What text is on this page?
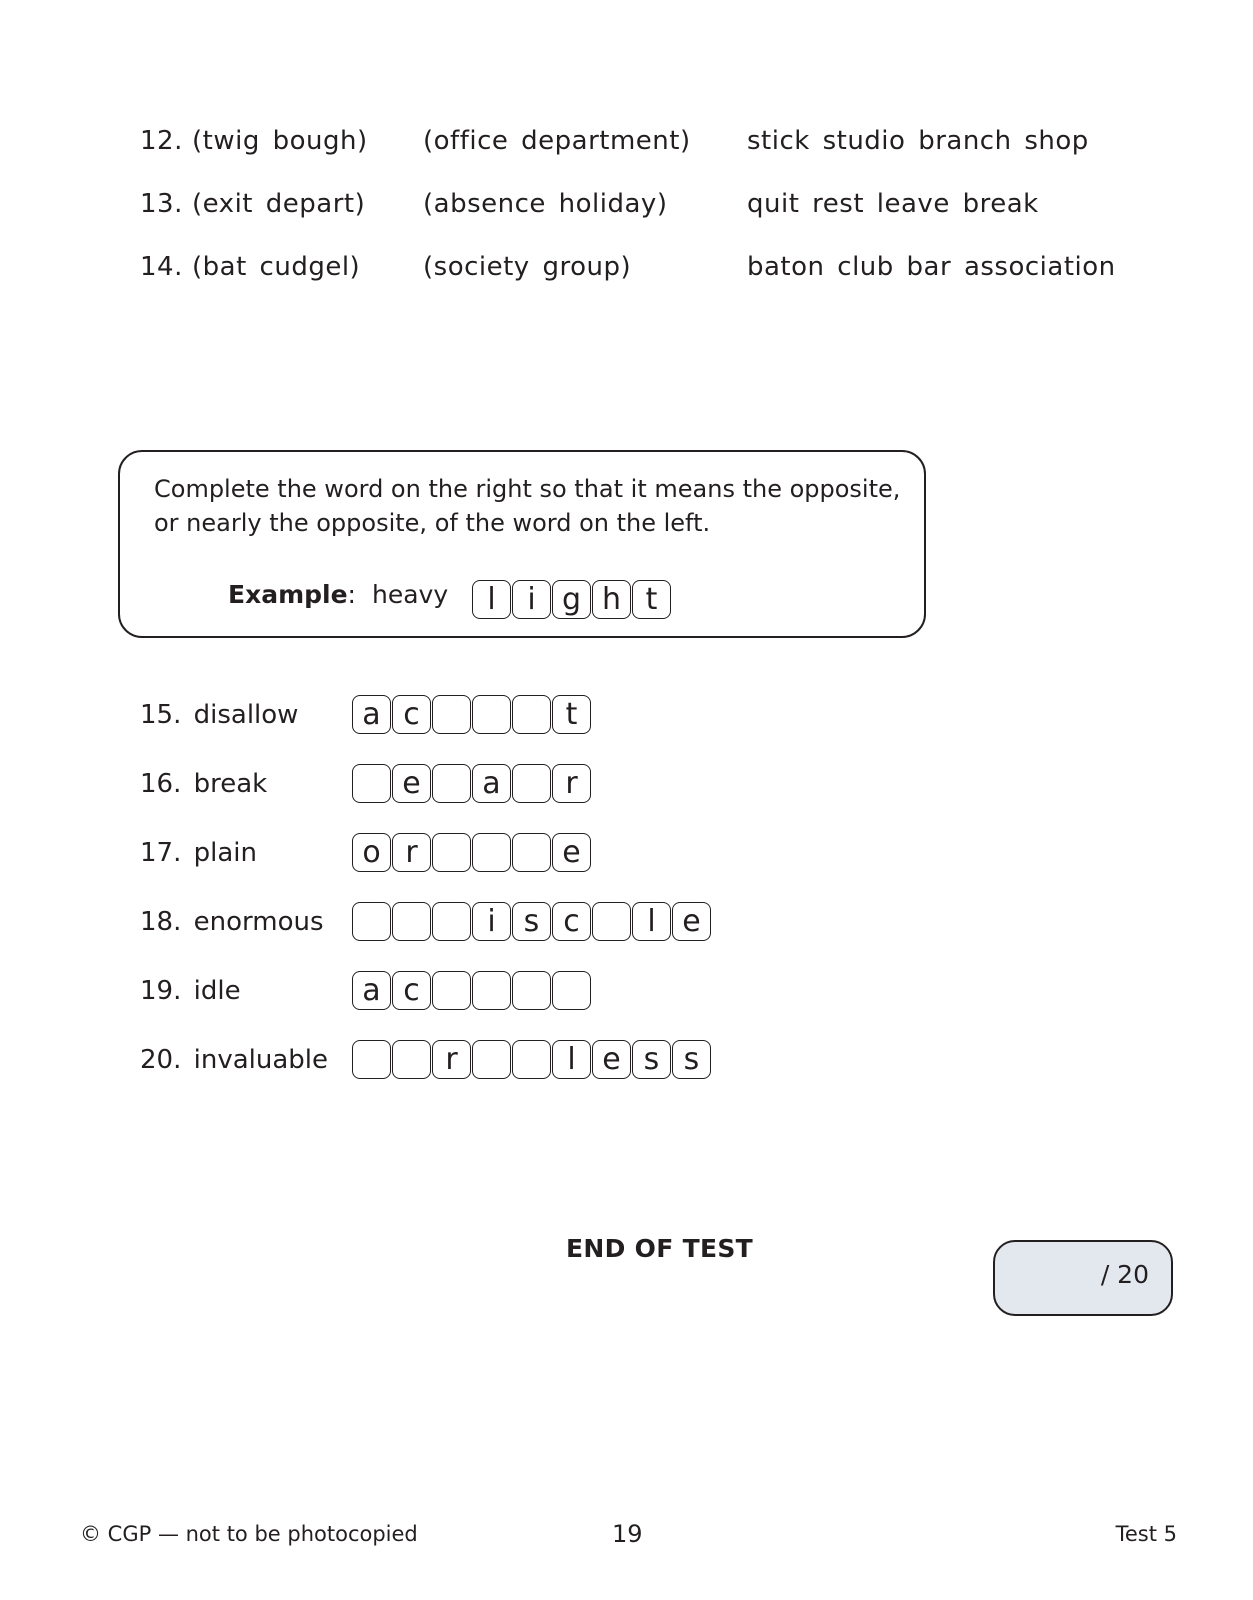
12. (twig bough) (office department) stick studio branch shop
13. (exit depart) (absence holiday)	quit rest leave break
14. (bat cudgel) (society group)	baton club bar association
Complete the word on the right so that it means the opposite,
or nearly the opposite, of the word on the left.
Example: heavy	l	i g h t
15. disallow	a c	t
16. break	e	a	r
17. plain	o r	e
18. enormous	i s c	l e
19. idle	a c
20. invaluable	r	l e s s
END OF TEST
/ 20
© CGP — not to be photocopied	19	Test 5
